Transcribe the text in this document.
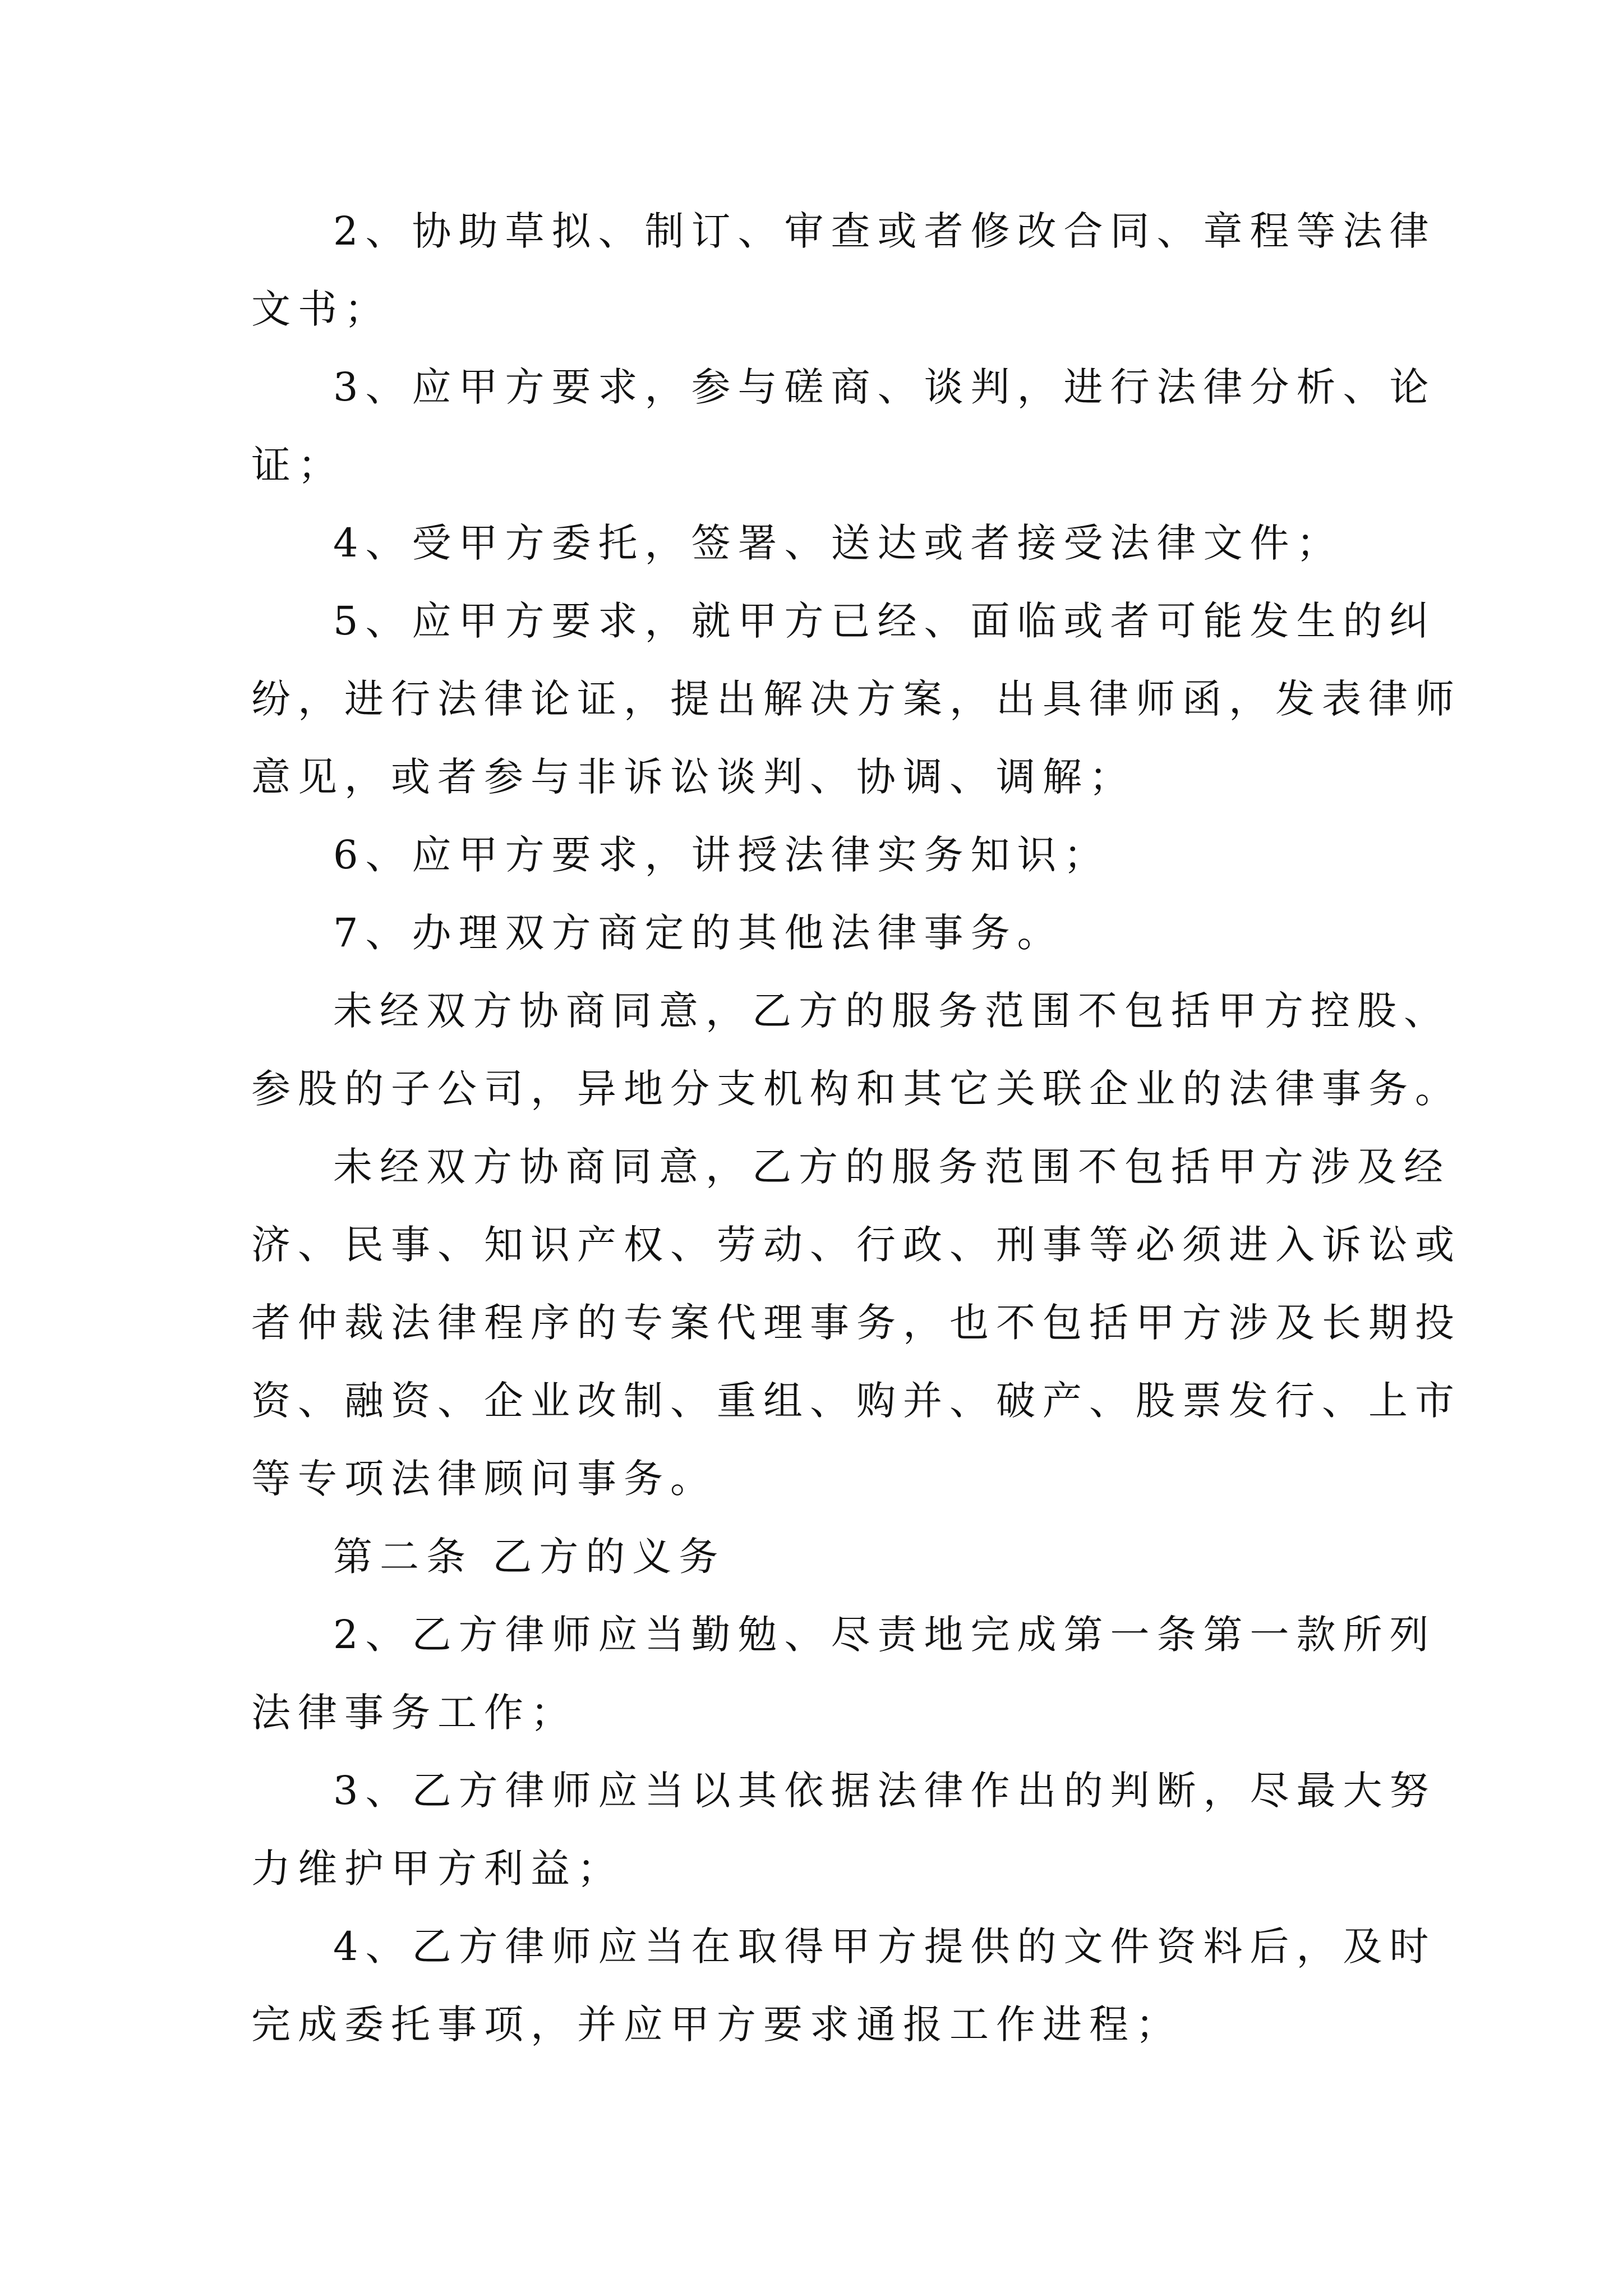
2、协助草拟、制订、审查或者修改合同、章程等法律
文书；
3、应甲方要求，参与磋商、谈判，进行法律分析、论
证；
4、受甲方委托，签署、送达或者接受法律文件；
5、应甲方要求，就甲方已经、面临或者可能发生的纠
纷，进行法律论证，提出解决方案，出具律师函，发表律师
意见，或者参与非诉讼谈判、协调、调解；
6、应甲方要求，讲授法律实务知识；
7、办理双方商定的其他法律事务。
未经双方协商同意，乙方的服务范围不包括甲方控股、
参股的子公司，异地分支机构和其它关联企业的法律事务。
未经双方协商同意，乙方的服务范围不包括甲方涉及经
济、民事、知识产权、劳动、行政、刑事等必须进入诉讼或
者仲裁法律程序的专案代理事务，也不包括甲方涉及长期投
资、融资、企业改制、重组、购并、破产、股票发行、上市
等专项法律顾问事务。
第二条 乙方的义务
2、乙方律师应当勤勉、尽责地完成第一条第一款所列
法律事务工作；
3、乙方律师应当以其依据法律作出的判断，尽最大努
力维护甲方利益；
4、乙方律师应当在取得甲方提供的文件资料后，及时
完成委托事项，并应甲方要求通报工作进程；
